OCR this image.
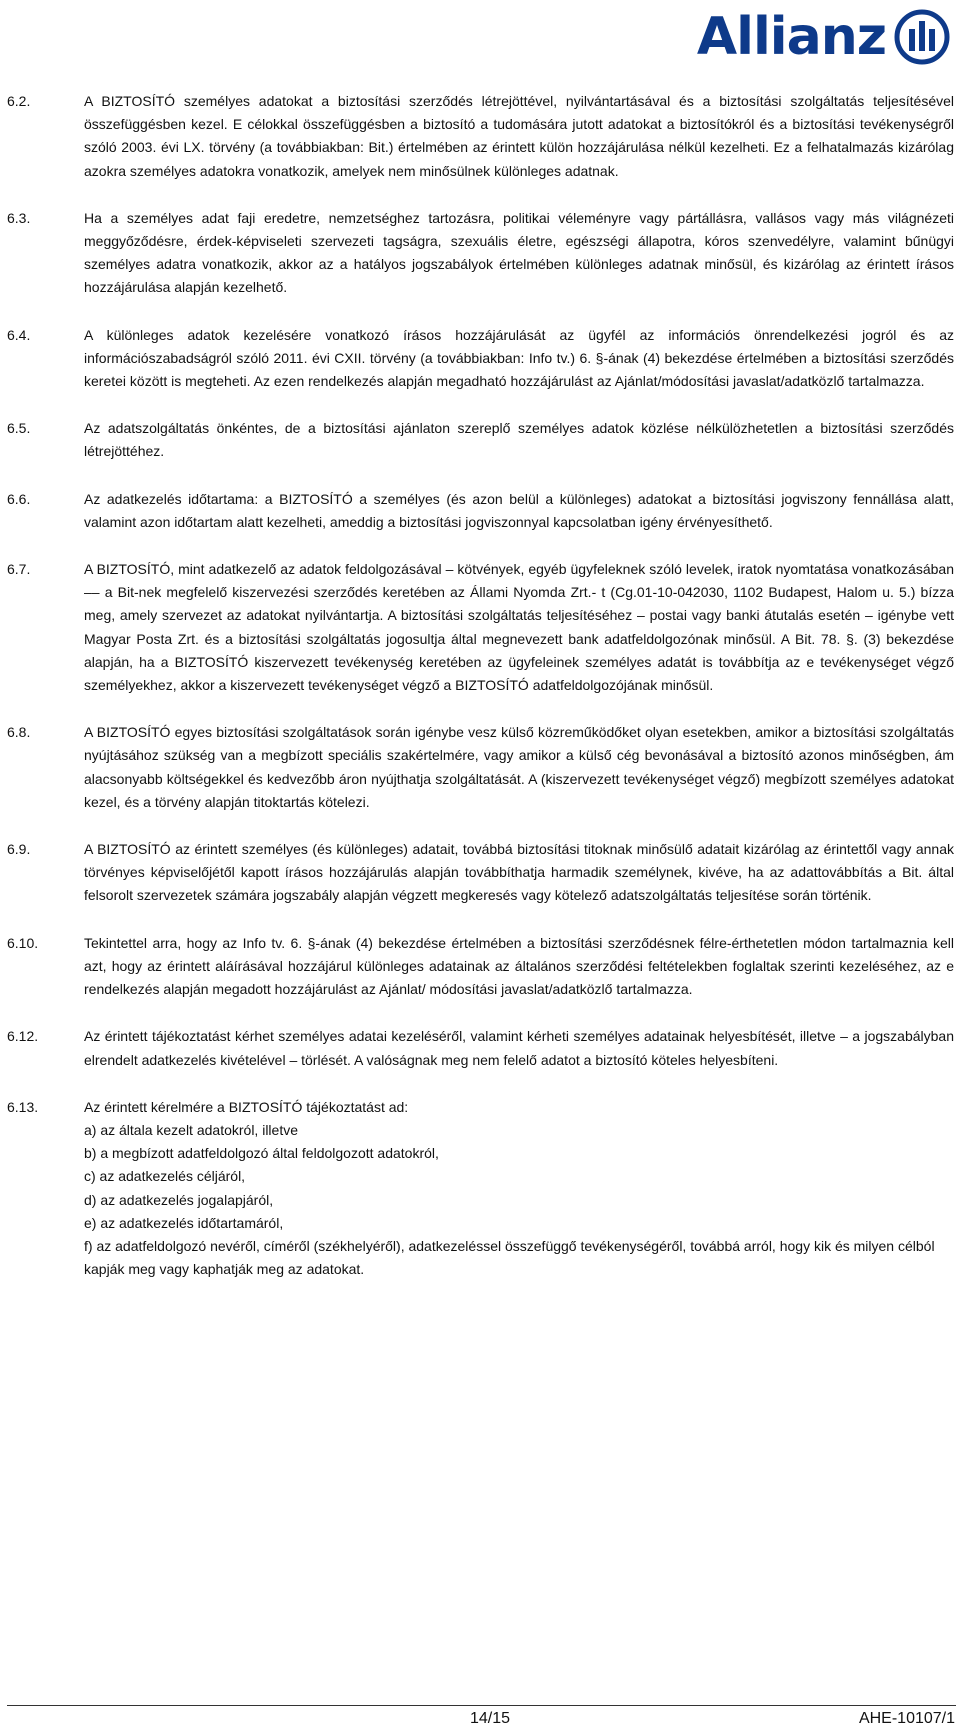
Allianz
6.2.	A BIZTOSÍTÓ személyes adatokat a biztosítási szerződés létrejöttével, nyilvántartásával és a biztosítási szolgáltatás teljesítésével összefüggésben kezel. E célokkal összefüggésben a biztosító a tudomására jutott adatokat a biztosítókról és a biztosítási tevékenységről szóló 2003. évi LX. törvény (a továbbiakban: Bit.) értelmében az érintett külön hozzájárulása nélkül kezelheti. Ez a felhatalmazás kizárólag azokra személyes adatokra vonatkozik, amelyek nem minősülnek különleges adatnak.

6.3.	Ha a személyes adat faji eredetre, nemzetséghez tartozásra, politikai véleményre vagy pártállásra, vallásos vagy más világnézeti meggyőződésre, érdek-képviseleti szervezeti tagságra, szexuális életre, egészségi állapotra, kóros szenvedélyre, valamint bűnügyi személyes adatra vonatkozik, akkor az a hatályos jogszabályok értelmében különleges adatnak minősül, és kizárólag az érintett írásos hozzájárulása alapján kezelhető.

6.4.	A különleges adatok kezelésére vonatkozó írásos hozzájárulását az ügyfél az információs önrendelkezési jogról és az információszabadságról szóló 2011. évi CXII. törvény (a továbbiakban: Info tv.) 6. §-ának (4) bekezdése értelmében a biztosítási szerződés keretei között is megteheti. Az ezen rendelkezés alapján megadható hozzájárulást az Ajánlat/módosítási javaslat/adatközlő tartalmazza.

6.5.	Az adatszolgáltatás önkéntes, de a biztosítási ajánlaton szereplő személyes adatok közlése nélkülözhetetlen a biztosítási szerződés létrejöttéhez.

6.6.	Az adatkezelés időtartama: a BIZTOSÍTÓ a személyes (és azon belül a különleges) adatokat a biztosítási jogviszony fennállása alatt, valamint azon időtartam alatt kezelheti, ameddig a biztosítási jogviszonnyal kapcsolatban igény érvényesíthető.

6.7.	A BIZTOSÍTÓ, mint adatkezelő az adatok feldolgozásával – kötvények, egyéb ügyfeleknek szóló levelek, iratok nyomtatása vonatkozásában –– a Bit-nek megfelelő kiszervezési szerződés keretében az Állami Nyomda Zrt.- t (Cg.01-10-042030, 1102 Budapest, Halom u. 5.) bízza meg, amely szervezet az adatokat nyilvántartja. A biztosítási szolgáltatás teljesítéséhez – postai vagy banki átutalás esetén – igénybe vett Magyar Posta Zrt. és a biztosítási szolgáltatás jogosultja által megnevezett bank adatfeldolgozónak minősül. A Bit. 78. §. (3) bekezdése alapján, ha a BIZTOSÍTÓ kiszervezett tevékenység keretében az ügyfeleinek személyes adatát is továbbítja az e tevékenységet végző személyekhez, akkor a kiszervezett tevékenységet végző a BIZTOSÍTÓ adatfeldolgozójának minősül.

6.8.	A BIZTOSÍTÓ egyes biztosítási szolgáltatások során igénybe vesz külső közreműködőket olyan esetekben, amikor a biztosítási szolgáltatás nyújtásához szükség van a megbízott speciális szakértelmére, vagy amikor a külső cég bevonásával a biztosító azonos minőségben, ám alacsonyabb költségekkel és kedvezőbb áron nyújthatja szolgáltatását. A (kiszervezett tevékenységet végző) megbízott személyes adatokat kezel, és a törvény alapján titoktartás kötelezi.

6.9.	A BIZTOSÍTÓ az érintett személyes (és különleges) adatait, továbbá biztosítási titoknak minősülő adatait kizárólag az érintettől vagy annak törvényes képviselőjétől kapott írásos hozzájárulás alapján továbbíthatja harmadik személynek, kivéve, ha az adattovábbítás a Bit. által felsorolt szervezetek számára jogszabály alapján végzett megkeresés vagy kötelező adatszolgáltatás teljesítése során történik.

6.10.	Tekintettel arra, hogy az Info tv. 6. §-ának (4) bekezdése értelmében a biztosítási szerződésnek félre-érthetetlen módon tartalmaznia kell azt, hogy az érintett aláírásával hozzájárul különleges adatainak az általános szerződési feltételekben foglaltak szerinti kezeléséhez, az e rendelkezés alapján megadott hozzájárulást az Ajánlat/ módosítási javaslat/adatközlő tartalmazza.

6.12.	Az érintett tájékoztatást kérhet személyes adatai kezeléséről, valamint kérheti személyes adatainak helyesbítését, illetve – a jogszabályban elrendelt adatkezelés kivételével – törlését. A valóságnak meg nem felelő adatot a biztosító köteles helyesbíteni.

6.13.	Az érintett kérelmére a BIZTOSÍTÓ tájékoztatást ad:

a) az általa kezelt adatokról, illetve

b) a megbízott adatfeldolgozó által feldolgozott adatokról,

c) az adatkezelés céljáról,

d) az adatkezelés jogalapjáról,

e) az adatkezelés időtartamáról,

f) az adatfeldolgozó nevéről, címéről (székhelyéről), adatkezeléssel összefüggő tevékenységéről, továbbá arról, hogy kik és milyen célból kapják meg vagy kaphatják meg az adatokat.

14/15	AHE-10107/1
